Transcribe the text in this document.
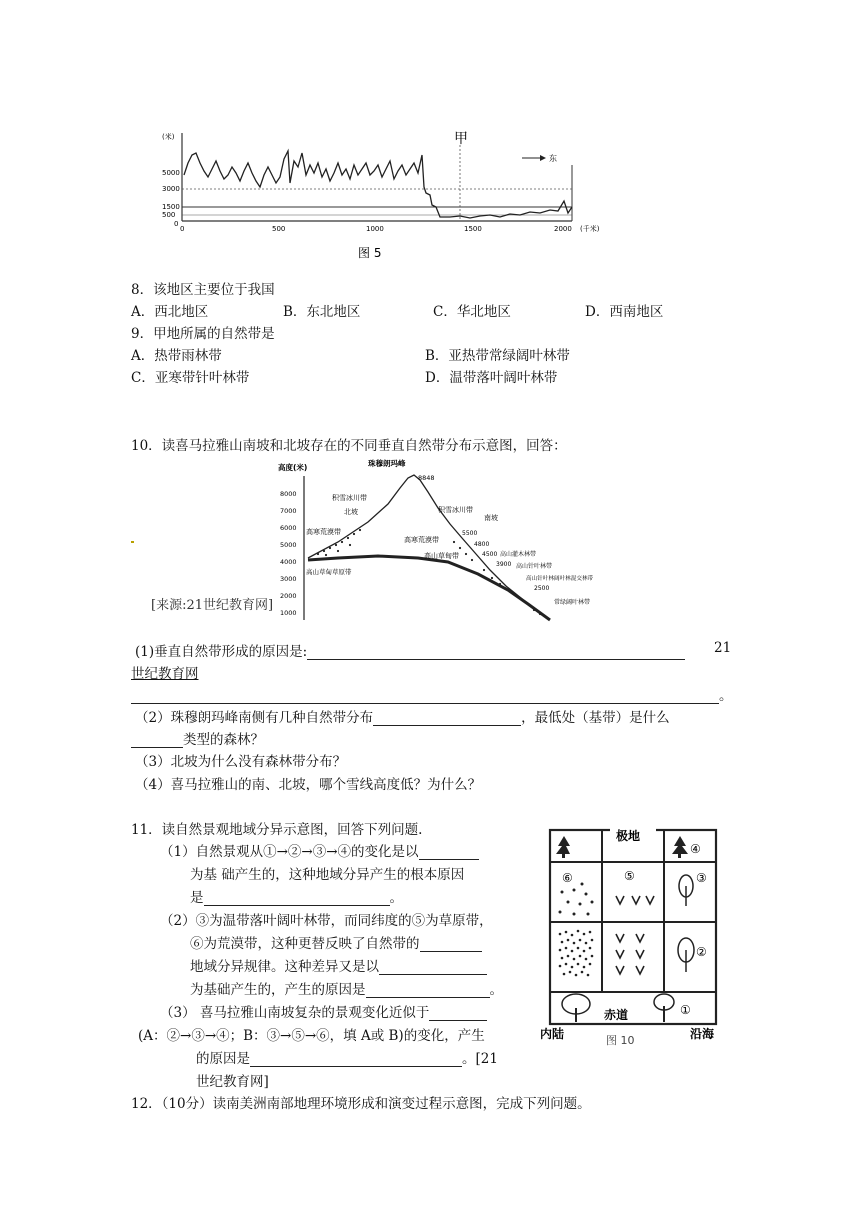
(米)
5000
3000
1500
500
0
0	500	1000	1500	2000 (千米)
甲
东
图 5
8．该地区主要位于我国
A．西北地区	B．东北地区	C．华北地区	D．西南地区
9．甲地所属的自然带是
A．热带雨林带	B．亚热带常绿阔叶林带
C．亚寒带针叶林带	D．温带落叶阔叶林带
10．读喜马拉雅山南坡和北坡存在的不同垂直自然带分布示意图，回答：
高度(米)
8000
7000
6000
5000
4000
3000
2000
1000
珠穆朗玛峰
8848
积雪冰川带
北坡
高寒荒漠带
高山草甸草原带
积雪冰川带
南坡
高寒荒漠带
高山草甸带	高山灌木林带
高山针叶林带
高山针叶林阔叶林混交林带
常绿阔叶林带
5500
4800
4500
3900
2500
[来源:21世纪教育网]
(1)垂直自然带形成的原因是:	21
世纪教育网
。
（2）珠穆朗玛峰南侧有几种自然带分布	，最低处（基带）是什么
类型的森林？
（3）北坡为什么没有森林带分布？
（4）喜马拉雅山的南、北坡，哪个雪线高度低？为什么？
11．读自然景观地域分异示意图，回答下列问题.
（1）自然景观从①→②→③→④的变化是以
为基 础产生的，这种地域分异产生的根本原因
是	。
（2）③为温带落叶阔叶林带，而同纬度的⑤为草原带，
⑥为荒漠带，这种更替反映了自然带的
地域分异规律。这种差异又是以
为基础产生的，产生的原因是	。
（3） 喜马拉雅山南坡复杂的景观变化近似于
(A：②→③→④；B：③→⑤→⑥，填 A或 B)的变化，产生
的原因是	。[21
世纪教育网]
极地
④
⑥	⑤	③
②
①
赤道
内陆	沿海
图 10
12．（10分）读南美洲南部地理环境形成和演变过程示意图，完成下列问题。
